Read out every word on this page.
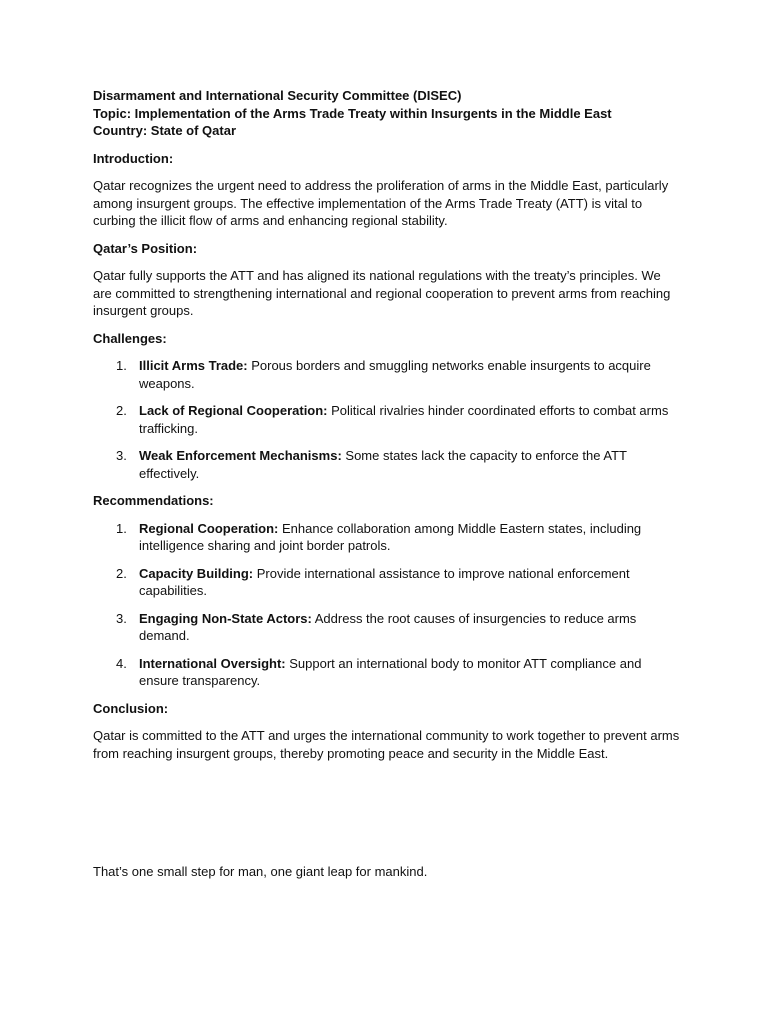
Disarmament and International Security Committee (DISEC)

Topic: Implementation of the Arms Trade Treaty within Insurgents in the Middle East

Country: State of Qatar

Introduction:

Qatar recognizes the urgent need to address the proliferation of arms in the Middle East, particularly among insurgent groups. The effective implementation of the Arms Trade Treaty (ATT) is vital to curbing the illicit flow of arms and enhancing regional stability.

Qatar’s Position:

Qatar fully supports the ATT and has aligned its national regulations with the treaty’s principles. We are committed to strengthening international and regional cooperation to prevent arms from reaching insurgent groups.

Challenges:

1. Illicit Arms Trade: Porous borders and smuggling networks enable insurgents to acquire weapons.
2. Lack of Regional Cooperation: Political rivalries hinder coordinated efforts to combat arms trafficking.
3. Weak Enforcement Mechanisms: Some states lack the capacity to enforce the ATT effectively.

Recommendations:

1. Regional Cooperation: Enhance collaboration among Middle Eastern states, including intelligence sharing and joint border patrols.
2. Capacity Building: Provide international assistance to improve national enforcement capabilities.
3. Engaging Non-State Actors: Address the root causes of insurgencies to reduce arms demand.
4. International Oversight: Support an international body to monitor ATT compliance and ensure transparency.

Conclusion:

Qatar is committed to the ATT and urges the international community to work together to prevent arms from reaching insurgent groups, thereby promoting peace and security in the Middle East.

That’s one small step for man, one giant leap for mankind.
